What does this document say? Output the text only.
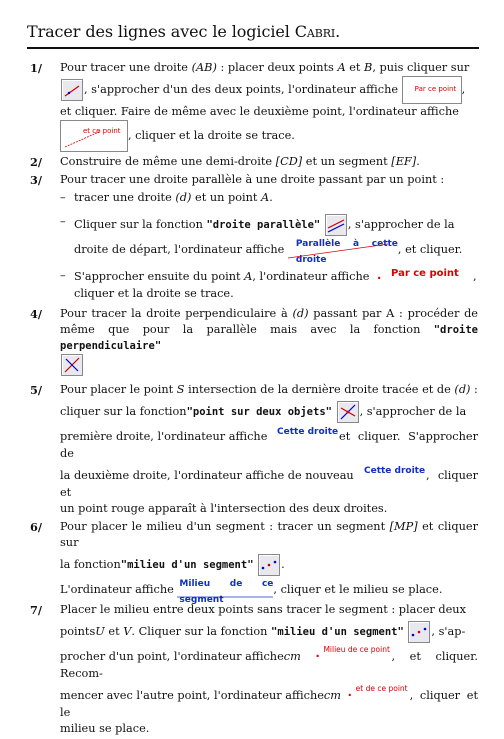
Tracer des lignes avec le logiciel Cabri.
1/ Pour tracer une droite (AB) : placer deux points A et B, puis cliquer sur

, s'approcher d'un des deux points, l'ordinateur affiche Par ce point ,
et cliquer. Faire de même avec le deuxième point, l'ordinateur affiche

et ce point , cliquer et la droite se trace.
2/ Construire de même une demi-droite [CD] et un segment [EF].
3/ Pour tracer une droite parallèle à une droite passant par un point :
– tracer une droite (d) et un point A.
– Cliquer sur la fonction "droite parallèle" , s'approcher de la
droite de départ, l'ordinateur affiche Parallèle à cette droite
, et cliquer.
– S'approcher ensuite du point A, l'ordinateur affiche . Par ce point ,
cliquer et la droite se trace.
4/ Pour tracer la droite perpendiculaire à (d) passant par A : procéder de même que pour la parallèle mais avec la fonction "droite perpendiculaire"

5/ Pour placer le point S intersection de la dernière droite tracée et de (d) :
cliquer sur la fonction"point sur deux objets" , s'approcher de la
première droite, l'ordinateur affiche Cette droite et cliquer. S'approcher de
la deuxième droite, l'ordinateur affiche de nouveau Cette droite , cliquer et
un point rouge apparaît à l'intersection des deux droites.
6/ Pour placer le milieu d'un segment : tracer un segment [MP] et cliquer sur
la fonction"milieu d'un segment" .
L'ordinateur affiche Milieu de ce segment
, cliquer et le milieu se place.
7/ Placer le milieu entre deux points sans tracer le segment : placer deux
pointsU et V. Cliquer sur la fonction "milieu d'un segment" , s'ap-
procher d'un point, l'ordinateur affichecm . Milieu de ce point
, et cliquer. Recom-
mencer avec l'autre point, l'ordinateur affichecm . et de ce point
, cliquer et le
milieu se place.
